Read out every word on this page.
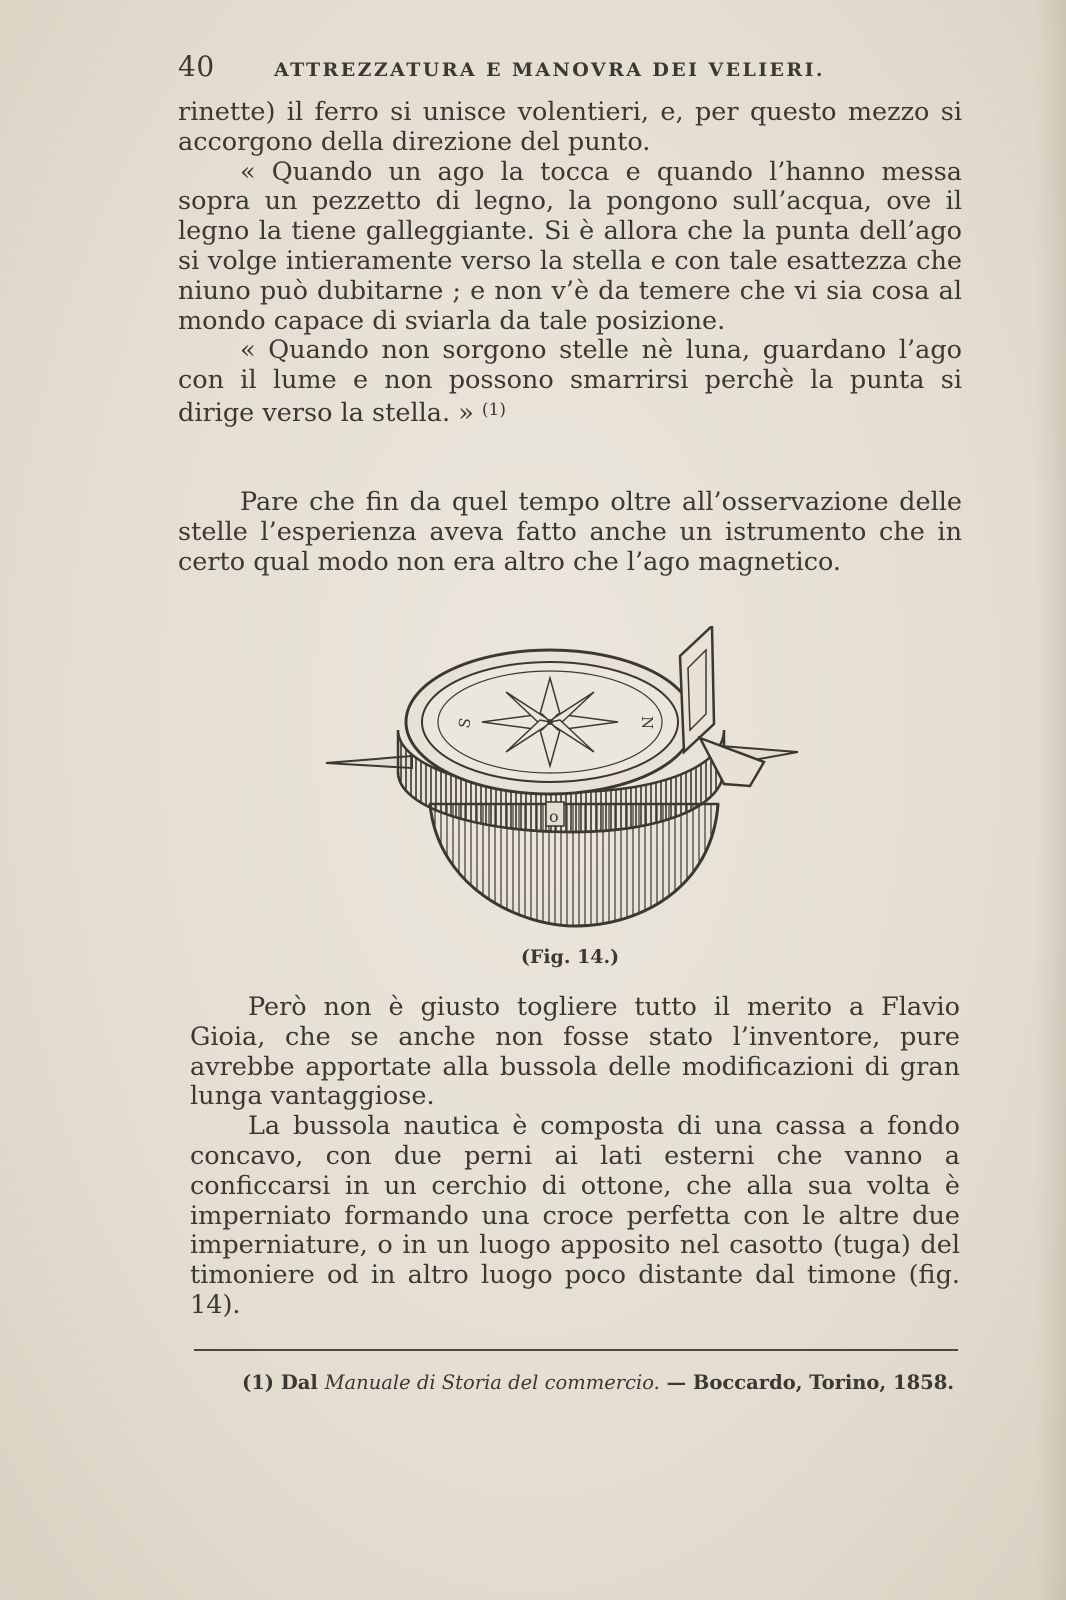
40	ATTREZZATURA E MANOVRA DEI VELIERI.

rinette) il ferro si unisce volentieri, e, per questo mezzo si accorgono della direzione del punto.

« Quando un ago la tocca e quando l’hanno messa sopra un pezzetto di legno, la pongono sull’acqua, ove il legno la tiene galleggiante. Si è allora che la punta dell’ago si volge intieramente verso la stella e con tale esattezza che niuno può dubitarne ; e non v’è da temere che vi sia cosa al mondo capace di sviarla da tale posizione.

« Quando non sorgono stelle nè luna, guardano l’ago con il lume e non possono smarrirsi perchè la punta si dirige verso la stella. » $^{(1)}$

Pare che fin da quel tempo oltre all’osservazione delle stelle l’esperienza aveva fatto anche un istrumento che in certo qual modo non era altro che l’ago magnetico.

o
S	N
(Fig. 14.)

Però non è giusto togliere tutto il merito a Flavio Gioia, che se anche non fosse stato l’inventore, pure avrebbe apportate alla bussola delle modificazioni di gran lunga vantaggiose.

La bussola nautica è composta di una cassa a fondo concavo, con due perni ai lati esterni che vanno a conficcarsi in un cerchio di ottone, che alla sua volta è imperniato formando una croce perfetta con le altre due imperniature, o in un luogo apposito nel casotto (tuga) del timoniere od in altro luogo poco distante dal timone (fig. 14).

(1) Dal Manuale di Storia del commercio. — Boccardo, Torino, 1858.
